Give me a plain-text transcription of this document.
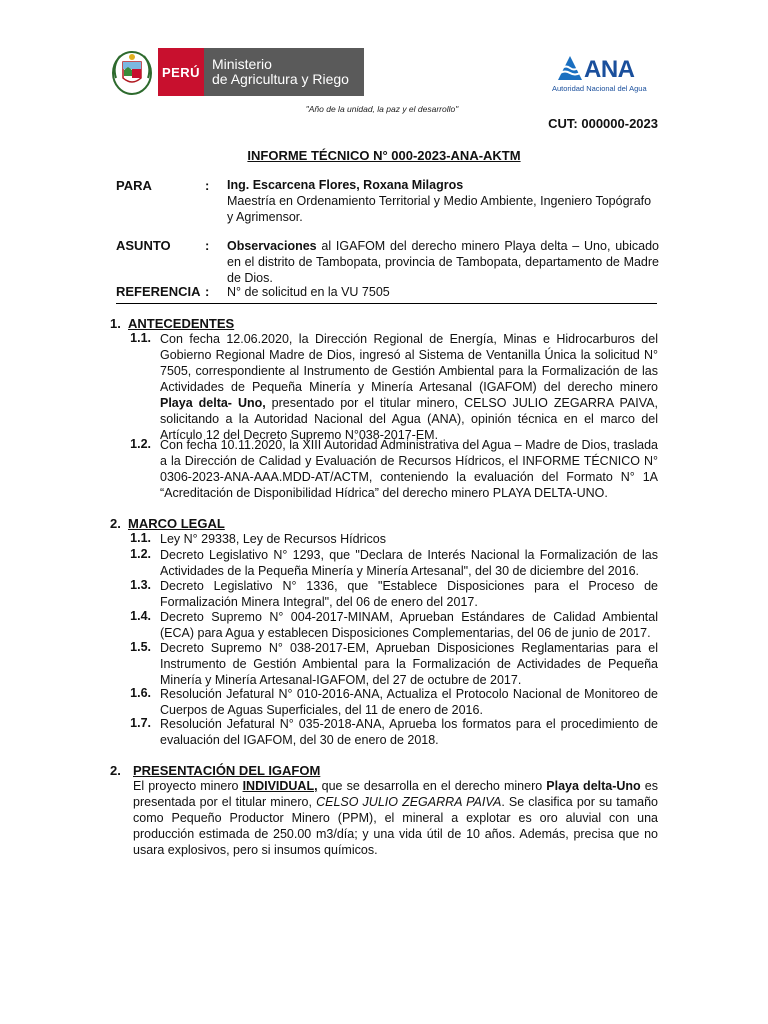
PERÚ Ministerio
de Agricultura y Riego	ANA
Autoridad Nacional del Agua
"Año de la unidad, la paz y el desarrollo"
CUT: 000000-2023
INFORME TÉCNICO N° 000-2023-ANA-AKTM
PARA	: Ing. Escarcena Flores, Roxana Milagros
Maestría en Ordenamiento Territorial y Medio Ambiente, Ingeniero Topógrafo y Agrimensor.
ASUNTO	: Observaciones al IGAFOM del derecho minero Playa delta – Uno, ubicado en el distrito de Tambopata, provincia de Tambopata, departamento de Madre de Dios.
REFERENCIA : N° de solicitud en la VU 7505
1. ANTECEDENTES
1.1. Con fecha 12.06.2020, la Dirección Regional de Energía, Minas e Hidrocarburos del Gobierno Regional Madre de Dios, ingresó al Sistema de Ventanilla Única la solicitud N° 7505, correspondiente al Instrumento de Gestión Ambiental para la Formalización de las Actividades de Pequeña Minería y Minería Artesanal (IGAFOM) del derecho minero Playa delta- Uno, presentado por el titular minero, CELSO JULIO ZEGARRA PAIVA, solicitando a la Autoridad Nacional del Agua (ANA), opinión técnica en el marco del Artículo 12 del Decreto Supremo N°038-2017-EM.
1.2. Con fecha 10.11.2020, la XIII Autoridad Administrativa del Agua – Madre de Dios, traslada a la Dirección de Calidad y Evaluación de Recursos Hídricos, el INFORME TÉCNICO N° 0306-2023-ANA-AAA.MDD-AT/ACTM, conteniendo la evaluación del Formato N° 1A “Acreditación de Disponibilidad Hídrica” del derecho minero PLAYA DELTA-UNO.
2. MARCO LEGAL
1.1. Ley N° 29338, Ley de Recursos Hídricos
1.2. Decreto Legislativo N° 1293, que "Declara de Interés Nacional la Formalización de las Actividades de la Pequeña Minería y Minería Artesanal", del 30 de diciembre del 2016.
1.3. Decreto Legislativo N° 1336, que "Establece Disposiciones para el Proceso de Formalización Minera Integral", del 06 de enero del 2017.
1.4. Decreto Supremo N° 004-2017-MINAM, Aprueban Estándares de Calidad Ambiental (ECA) para Agua y establecen Disposiciones Complementarias, del 06 de junio de 2017.
1.5. Decreto Supremo N° 038-2017-EM, Aprueban Disposiciones Reglamentarias para el Instrumento de Gestión Ambiental para la Formalización de Actividades de Pequeña Minería y Minería Artesanal-IGAFOM, del 27 de octubre de 2017.
1.6. Resolución Jefatural N° 010-2016-ANA, Actualiza el Protocolo Nacional de Monitoreo de Cuerpos de Aguas Superficiales, del 11 de enero de 2016.
1.7. Resolución Jefatural N° 035-2018-ANA, Aprueba los formatos para el procedimiento de evaluación del IGAFOM, del 30 de enero de 2018.
2. PRESENTACIÓN DEL IGAFOM
El proyecto minero INDIVIDUAL, que se desarrolla en el derecho minero Playa delta-Uno es presentada por el titular minero, CELSO JULIO ZEGARRA PAIVA. Se clasifica por su tamaño como Pequeño Productor Minero (PPM), el mineral a explotar es oro aluvial con una producción estimada de 250.00 m3/día; y una vida útil de 10 años. Además, precisa que no usara explosivos, pero si insumos químicos.
